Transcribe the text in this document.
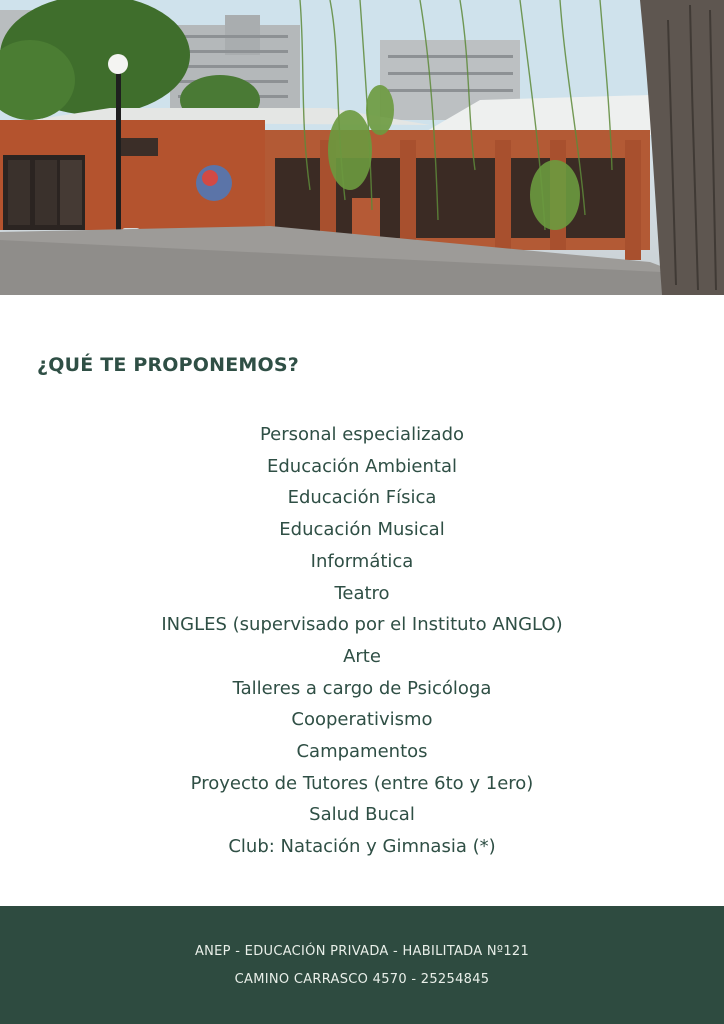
¿QUÉ TE PROPONEMOS?
Personal especializado
Educación Ambiental
Educación Física
Educación Musical
Informática
Teatro
INGLES (supervisado por el Instituto ANGLO)
Arte
Talleres a cargo de Psicóloga
Cooperativismo
Campamentos
Proyecto de Tutores (entre 6to y 1ero)
Salud Bucal
Club: Natación y Gimnasia (*)

ANEP - EDUCACIÓN PRIVADA - HABILITADA Nº121

CAMINO CARRASCO 4570 - 25254845
